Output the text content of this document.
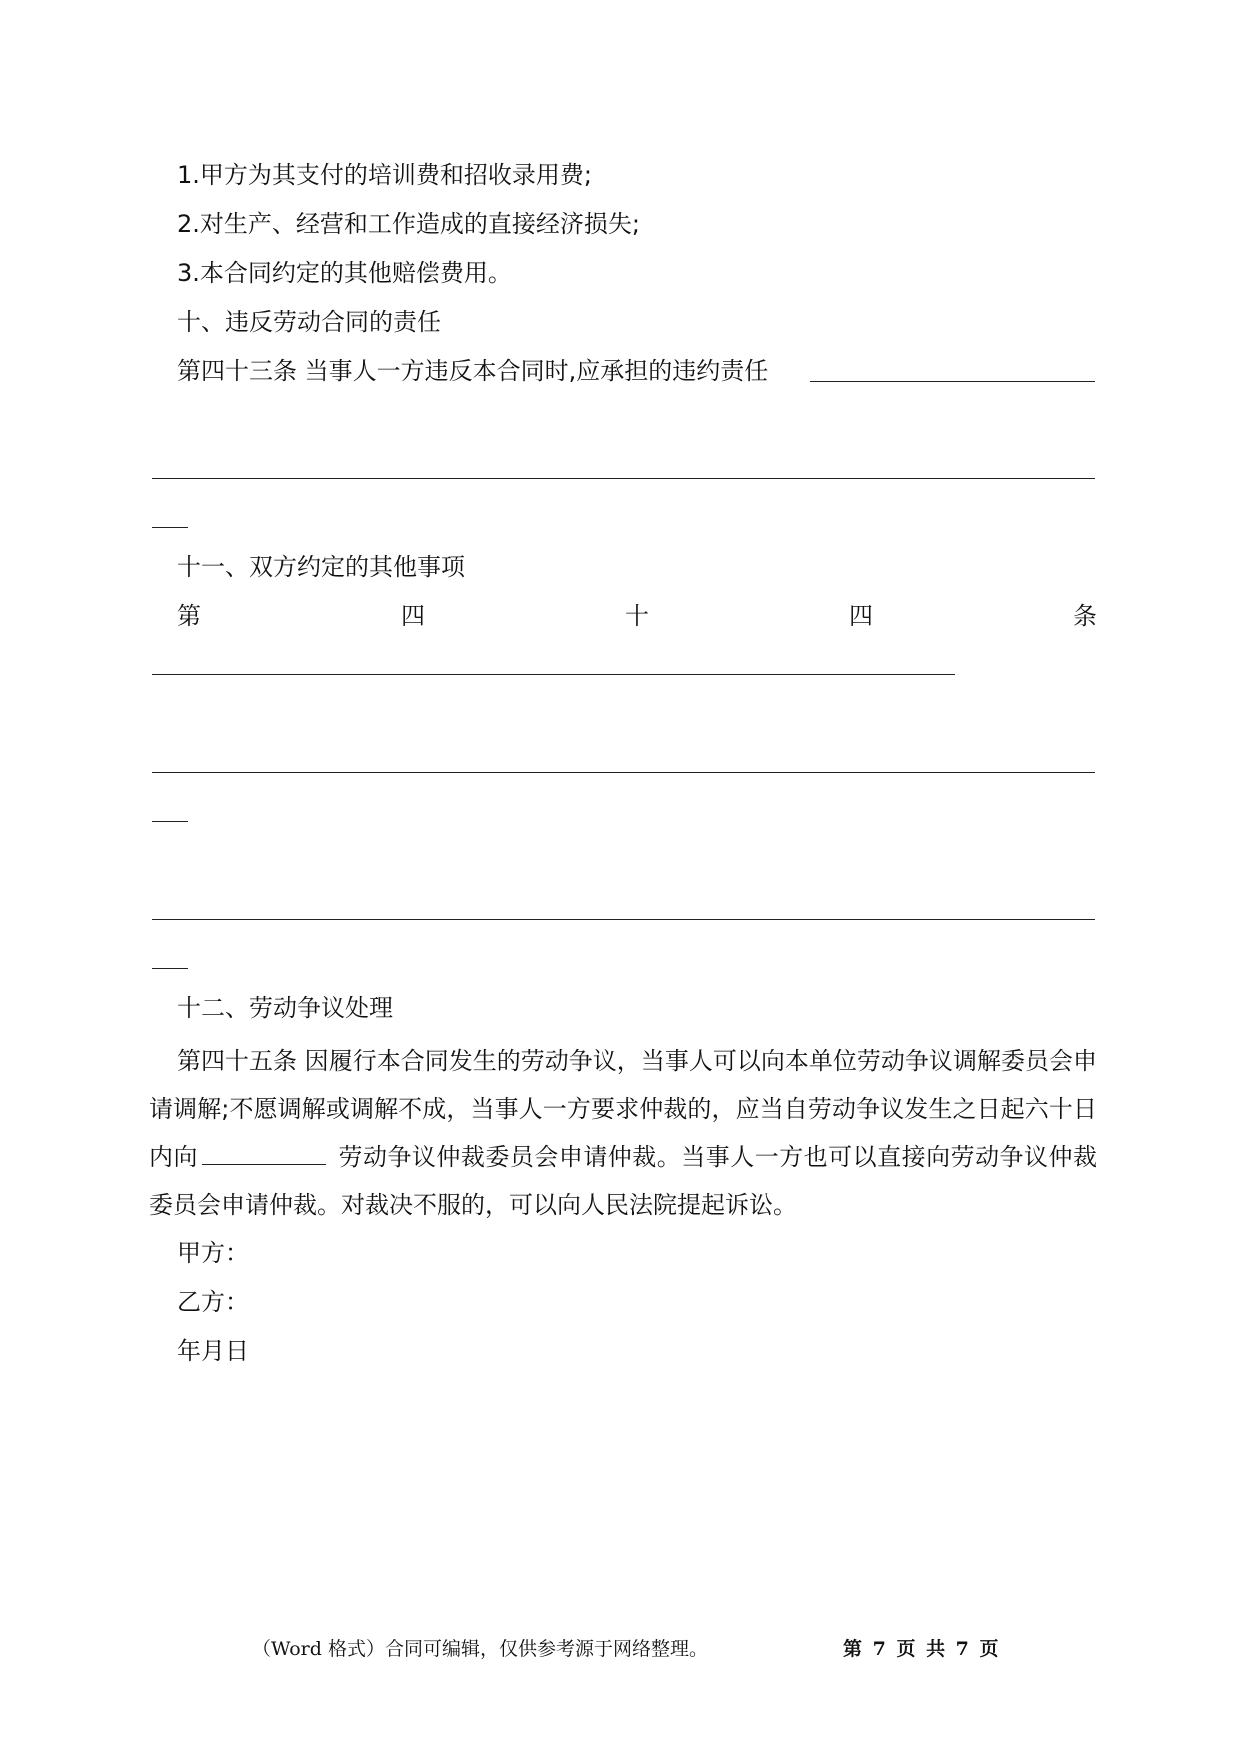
1.甲方为其支付的培训费和招收录用费;
2.对生产、经营和工作造成的直接经济损失;
3.本合同约定的其他赔偿费用。
十、违反劳动合同的责任
第四十三条 当事人一方违反本合同时,应承担的违约责任
十一、双方约定的其他事项
第	四	十	四	条
十二、劳动争议处理
第四十五条 因履行本合同发生的劳动争议，当事人可以向本单位劳动争议调解委员会申请调解;不愿调解或调解不成，当事人一方要求仲裁的，应当自劳动争议发生之日起六十日内向	劳动争议仲裁委员会申请仲裁。当事人一方也可以直接向劳动争议仲裁委员会申请仲裁。对裁决不服的，可以向人民法院提起诉讼。
甲方：
乙方：
年月日
（Word 格式）合同可编辑，仅供参考源于网络整理。	第 7 页 共 7 页
